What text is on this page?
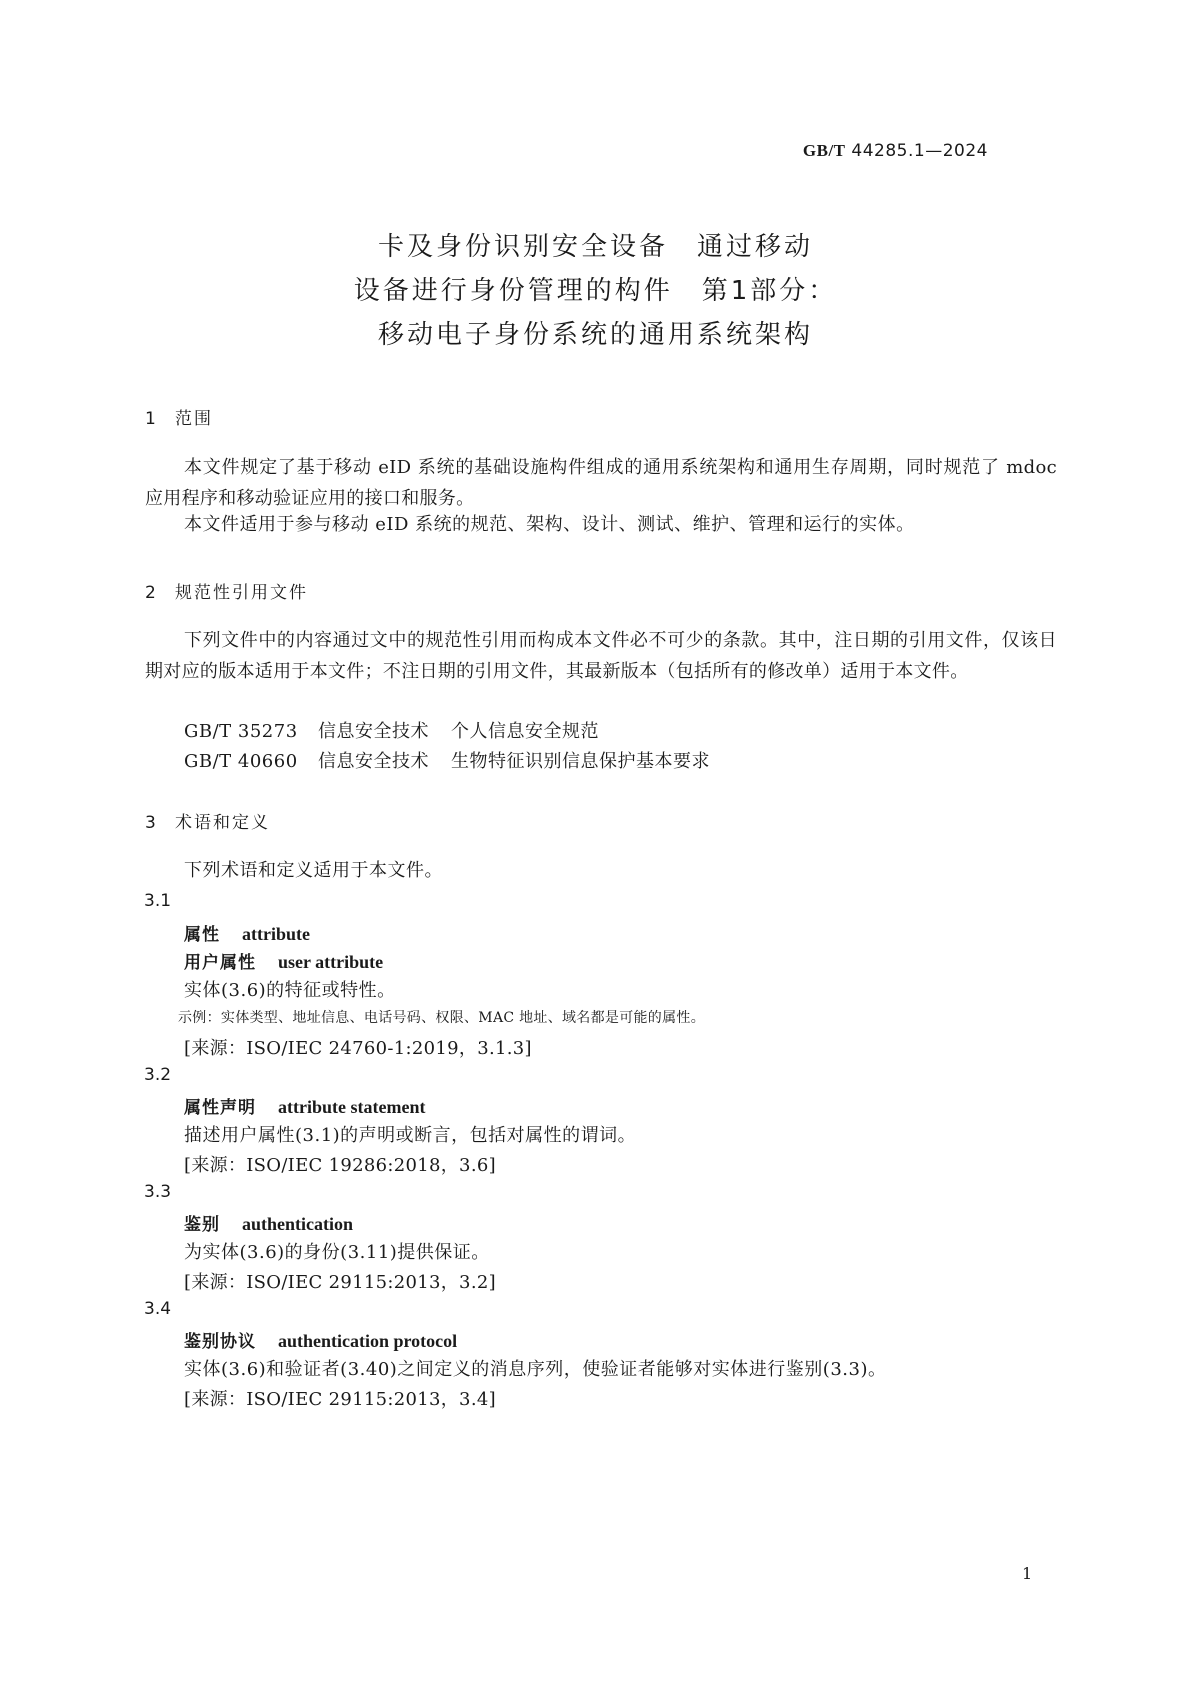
GB/T 44285.1—2024
卡及身份识别安全设备　通过移动
设备进行身份管理的构件　第1部分：
移动电子身份系统的通用系统架构
1 范围
本文件规定了基于移动 eID 系统的基础设施构件组成的通用系统架构和通用生存周期，同时规范了 mdoc 应用程序和移动验证应用的接口和服务。
本文件适用于参与移动 eID 系统的规范、架构、设计、测试、维护、管理和运行的实体。
2 规范性引用文件
下列文件中的内容通过文中的规范性引用而构成本文件必不可少的条款。其中，注日期的引用文件，仅该日期对应的版本适用于本文件；不注日期的引用文件，其最新版本（包括所有的修改单）适用于本文件。
GB/T 35273 信息安全技术 个人信息安全规范
GB/T 40660 信息安全技术 生物特征识别信息保护基本要求
3 术语和定义
下列术语和定义适用于本文件。
3.1
属性 attribute
用户属性 user attribute
实体(3.6)的特征或特性。
示例：实体类型、地址信息、电话号码、权限、MAC 地址、域名都是可能的属性。
[来源：ISO/IEC 24760-1:2019，3.1.3]
3.2
属性声明 attribute statement
描述用户属性(3.1)的声明或断言，包括对属性的谓词。
[来源：ISO/IEC 19286:2018，3.6]
3.3
鉴别 authentication
为实体(3.6)的身份(3.11)提供保证。
[来源：ISO/IEC 29115:2013，3.2]
3.4
鉴别协议 authentication protocol
实体(3.6)和验证者(3.40)之间定义的消息序列，使验证者能够对实体进行鉴别(3.3)。
[来源：ISO/IEC 29115:2013，3.4]
1
